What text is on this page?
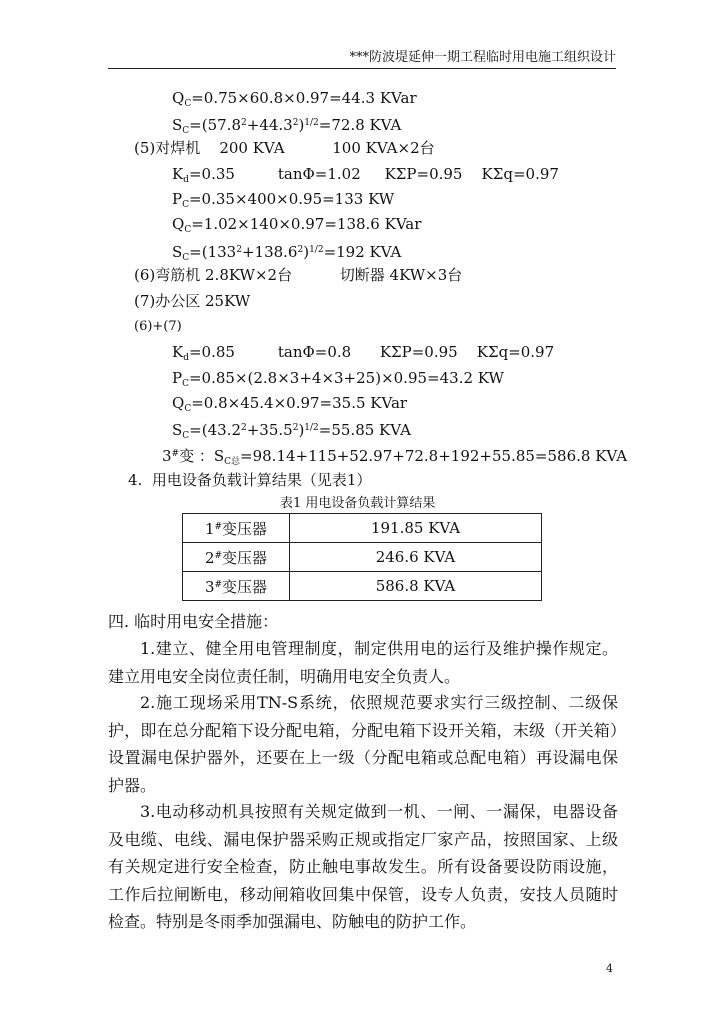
***防波堤延伸一期工程临时用电施工组织设计
$Q_C=0.75\times 60.8\times 0.97=44.3$ KVar
$S_C=(57.8^2+44.3^2)^{1/2}=72.8$ KVA
(5)对焊机    200 KVA          100 KVA×2台
$K_d=0.35$         tanΦ=1.02     KΣP=0.95    KΣq=0.97
$P_C=0.35\times 400\times 0.95=133$ KW
$Q_C=1.02\times 140\times 0.97=138.6$ KVar
$S_C=(133^2+138.6^2)^{1/2}=192$ KVA
(6)弯筋机 2.8KW×2台          切断器 4KW×3台
(7)办公区 25KW
(6)+(7)
$K_d=0.85$         tanΦ=0.8      KΣP=0.95    KΣq=0.97
$P_C=0.85\times(2.8\times 3+4\times 3+25)\times 0.95=43.2$ KW
$Q_C=0.8\times 45.4\times 0.97=35.5$ KVar
$S_C=(43.2^2+35.5^2)^{1/2}=55.85$ KVA
3#变 ：$S_{C总}=98.14+115+52.97+72.8+192+55.85=586.8$ KVA
4.  用电设备负载计算结果（见表1）
表1 用电设备负载计算结果
1#变压器	191.85 KVA
2#变压器	246.6 KVA
3#变压器	586.8 KVA
四. 临时用电安全措施：
1.建立、健全用电管理制度，制定供用电的运行及维护操作规定。建立用电安全岗位责任制，明确用电安全负责人。
2.施工现场采用TN-S系统，依照规范要求实行三级控制、二级保护，即在总分配箱下设分配电箱，分配电箱下设开关箱，末级（开关箱）设置漏电保护器外，还要在上一级（分配电箱或总配电箱）再设漏电保护器。
3.电动移动机具按照有关规定做到一机、一闸、一漏保，电器设备及电缆、电线、漏电保护器采购正规或指定厂家产品，按照国家、上级有关规定进行安全检查，防止触电事故发生。所有设备要设防雨设施，工作后拉闸断电，移动闸箱收回集中保管，设专人负责，安技人员随时检查。特别是冬雨季加强漏电、防触电的防护工作。
4
